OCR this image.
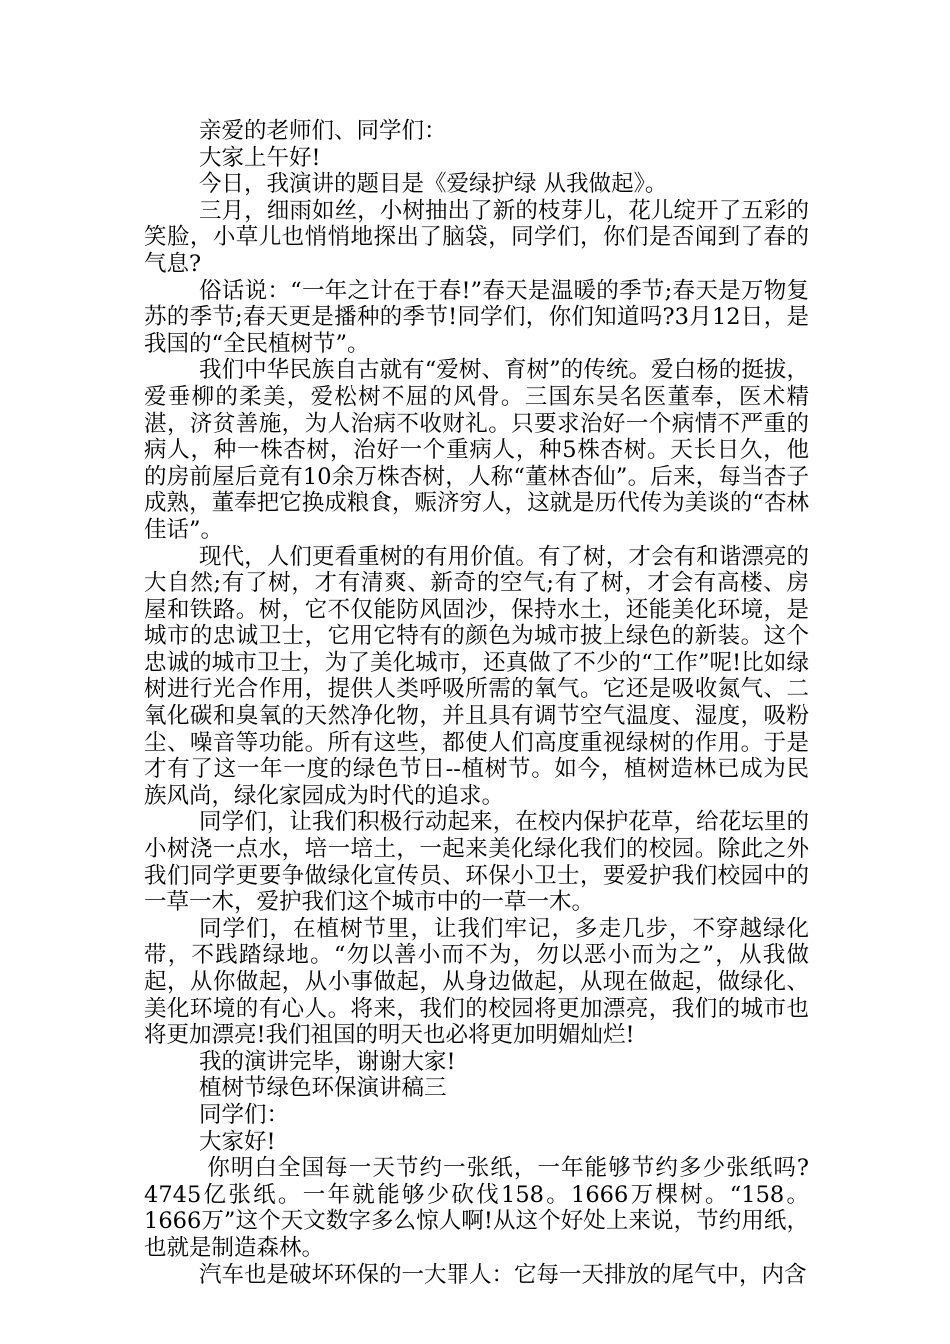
亲爱的老师们、同学们：

大家上午好!

今日，我演讲的题目是《爱绿护绿 从我做起》。

三月，细雨如丝，小树抽出了新的枝芽儿，花儿绽开了五彩的笑脸，小草儿也悄悄地探出了脑袋，同学们，你们是否闻到了春的气息?

俗话说：“一年之计在于春!”春天是温暖的季节;春天是万物复苏的季节;春天更是播种的季节!同学们，你们知道吗?3月12日，是我国的“全民植树节”。

我们中华民族自古就有“爱树、育树”的传统。爱白杨的挺拔，爱垂柳的柔美，爱松树不屈的风骨。三国东吴名医董奉，医术精湛，济贫善施，为人治病不收财礼。只要求治好一个病情不严重的病人，种一株杏树，治好一个重病人，种5株杏树。天长日久，他的房前屋后竟有10余万株杏树，人称“董林杏仙”。后来，每当杏子成熟，董奉把它换成粮食，赈济穷人，这就是历代传为美谈的“杏林佳话”。

现代，人们更看重树的有用价值。有了树，才会有和谐漂亮的大自然;有了树，才有清爽、新奇的空气;有了树，才会有高楼、房屋和铁路。树，它不仅能防风固沙，保持水土，还能美化环境，是城市的忠诚卫士，它用它特有的颜色为城市披上绿色的新装。这个忠诚的城市卫士，为了美化城市，还真做了不少的“工作”呢!比如绿树进行光合作用，提供人类呼吸所需的氧气。它还是吸收氮气、二氧化碳和臭氧的天然净化物，并且具有调节空气温度、湿度，吸粉尘、噪音等功能。所有这些，都使人们高度重视绿树的作用。于是才有了这一年一度的绿色节日--植树节。如今，植树造林已成为民族风尚，绿化家园成为时代的追求。

同学们，让我们积极行动起来，在校内保护花草，给花坛里的小树浇一点水，培一培土，一起来美化绿化我们的校园。除此之外我们同学更要争做绿化宣传员、环保小卫士，要爱护我们校园中的一草一木，爱护我们这个城市中的一草一木。

同学们，在植树节里，让我们牢记，多走几步，不穿越绿化带，不践踏绿地。“勿以善小而不为，勿以恶小而为之”，从我做起，从你做起，从小事做起，从身边做起，从现在做起，做绿化、美化环境的有心人。将来，我们的校园将更加漂亮，我们的城市也将更加漂亮!我们祖国的明天也必将更加明媚灿烂!

我的演讲完毕，谢谢大家!

植树节绿色环保演讲稿三

同学们：

大家好!

你明白全国每一天节约一张纸，一年能够节约多少张纸吗?4745亿张纸。一年就能够少砍伐158。1666万棵树。“158。1666万”这个天文数字多么惊人啊!从这个好处上来说，节约用纸，也就是制造森林。

汽车也是破坏环保的一大罪人：它每一天排放的尾气中，内含
